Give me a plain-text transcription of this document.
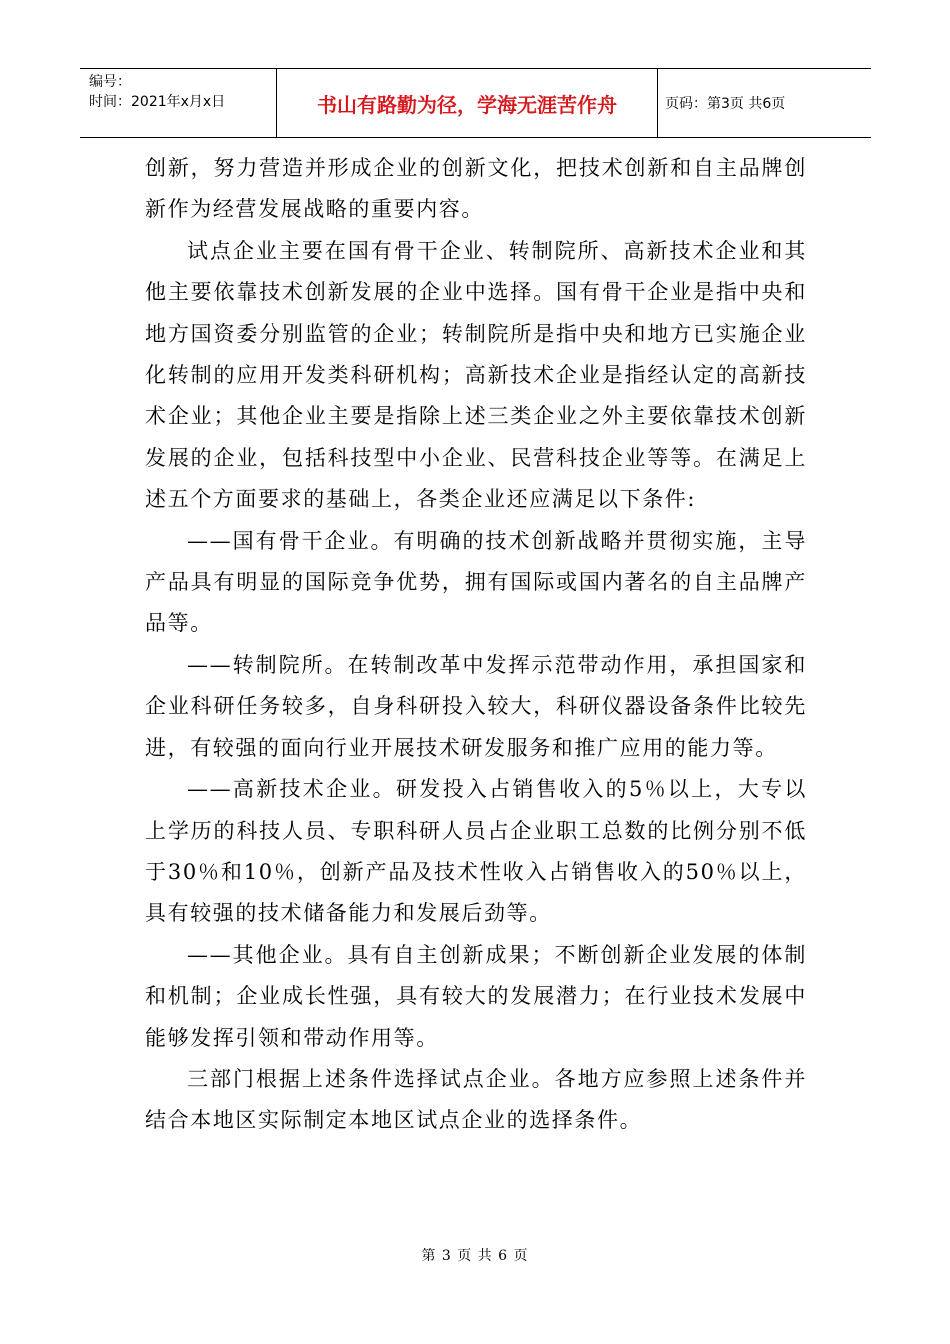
编号：
时间：2021年x月x日	书山有路勤为径，学海无涯苦作舟	页码：第3页 共6页

创新，努力营造并形成企业的创新文化，把技术创新和自主品牌创新作为经营发展战略的重要内容。

试点企业主要在国有骨干企业、转制院所、高新技术企业和其他主要依靠技术创新发展的企业中选择。国有骨干企业是指中央和地方国资委分别监管的企业；转制院所是指中央和地方已实施企业化转制的应用开发类科研机构；高新技术企业是指经认定的高新技术企业；其他企业主要是指除上述三类企业之外主要依靠技术创新发展的企业，包括科技型中小企业、民营科技企业等等。在满足上述五个方面要求的基础上，各类企业还应满足以下条件:

——国有骨干企业。有明确的技术创新战略并贯彻实施，主导产品具有明显的国际竞争优势，拥有国际或国内著名的自主品牌产品等。

——转制院所。在转制改革中发挥示范带动作用，承担国家和企业科研任务较多，自身科研投入较大，科研仪器设备条件比较先进，有较强的面向行业开展技术研发服务和推广应用的能力等。

——高新技术企业。研发投入占销售收入的5％以上，大专以上学历的科技人员、专职科研人员占企业职工总数的比例分别不低于30％和10％，创新产品及技术性收入占销售收入的50％以上，具有较强的技术储备能力和发展后劲等。

——其他企业。具有自主创新成果；不断创新企业发展的体制和机制；企业成长性强，具有较大的发展潜力；在行业技术发展中能够发挥引领和带动作用等。

三部门根据上述条件选择试点企业。各地方应参照上述条件并结合本地区实际制定本地区试点企业的选择条件。

第 3 页 共 6 页
